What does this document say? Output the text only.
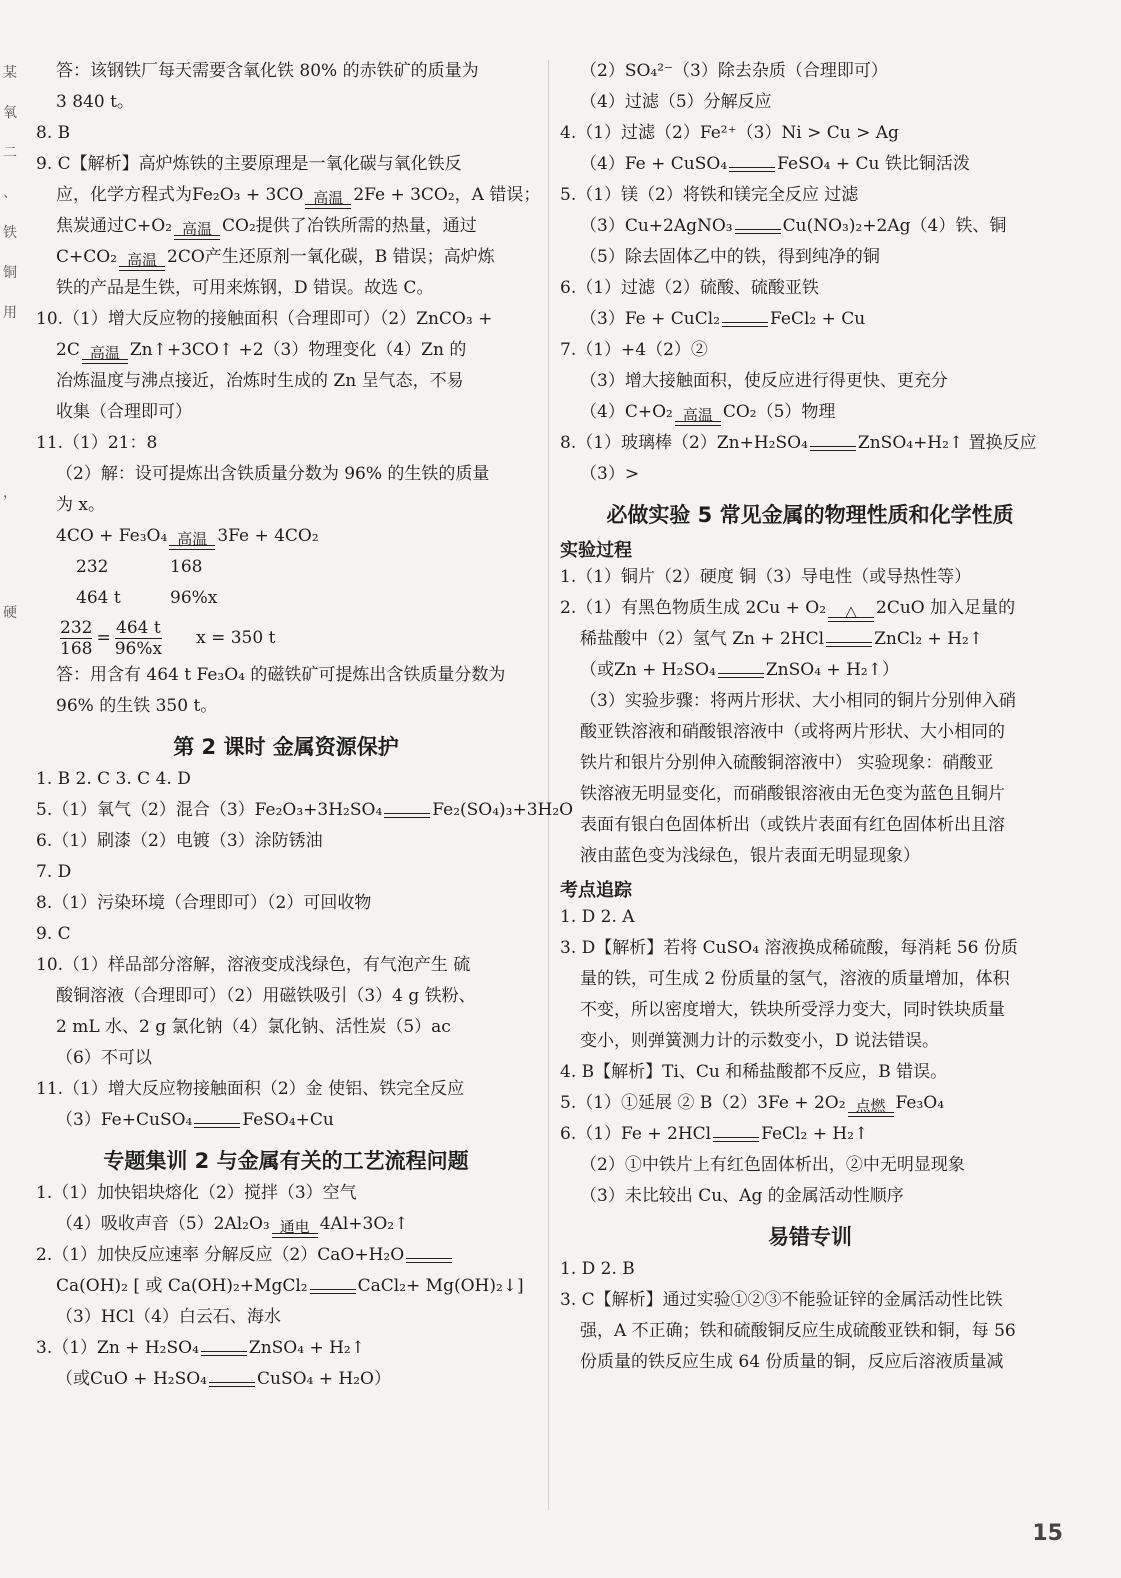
某
氧
二
、
铁
铜
用
，
硬
答：该钢铁厂每天需要含氧化铁 80% 的赤铁矿的质量为
3 840 t。
8. B
9. C【解析】高炉炼铁的主要原理是一氧化碳与氧化铁反
应，化学方程式为Fe₂O₃ + 3CO 高温 2Fe + 3CO₂，A 错误；
焦炭通过C+O₂ 高温 CO₂提供了冶铁所需的热量，通过
C+CO₂ 高温 2CO产生还原剂一氧化碳，B 错误；高炉炼
铁的产品是生铁，可用来炼钢，D 错误。故选 C。
10.（1）增大反应物的接触面积（合理即可）（2）ZnCO₃ +
2C 高温 Zn↑+3CO↑ +2（3）物理变化（4）Zn 的
冶炼温度与沸点接近，冶炼时生成的 Zn 呈气态，不易
收集（合理即可）
11.（1）21：8
（2）解：设可提炼出含铁质量分数为 96% 的生铁的质量
为 x。
4CO + Fe₃O₄ 高温 3Fe + 4CO₂
232	168
464 t	96%x
$\frac{232}{168} = \frac{464 t}{96\%x}$ x = 350 t
答：用含有 464 t Fe₃O₄ 的磁铁矿可提炼出含铁质量分数为
96% 的生铁 350 t。
第 2 课时 金属资源保护
1. B 2. C 3. C 4. D
5.（1）氧气（2）混合（3）Fe₂O₃+3H₂SO₄	Fe₂(SO₄)₃+3H₂O
6.（1）刷漆（2）电镀（3）涂防锈油
7. D
8.（1）污染环境（合理即可）（2）可回收物
9. C
10.（1）样品部分溶解，溶液变成浅绿色，有气泡产生 硫
酸铜溶液（合理即可）（2）用磁铁吸引（3）4 g 铁粉、
2 mL 水、2 g 氯化钠（4）氯化钠、活性炭（5）ac
（6）不可以
11.（1）增大反应物接触面积（2）金 使铝、铁完全反应
（3）Fe+CuSO₄	FeSO₄+Cu
专题集训 2 与金属有关的工艺流程问题
1.（1）加快铝块熔化（2）搅拌（3）空气
（4）吸收声音（5）2Al₂O₃ 通电 4Al+3O₂↑
2.（1）加快反应速率 分解反应（2）CaO+H₂O
Ca(OH)₂ [ 或 Ca(OH)₂+MgCl₂	CaCl₂+ Mg(OH)₂↓]
（3）HCl（4）白云石、海水
3.（1）Zn + H₂SO₄	ZnSO₄ + H₂↑
（或CuO + H₂SO₄	CuSO₄ + H₂O）
（2）SO₄²⁻（3）除去杂质（合理即可）
（4）过滤（5）分解反应
4.（1）过滤（2）Fe²⁺（3）Ni > Cu > Ag
（4）Fe + CuSO₄	FeSO₄ + Cu 铁比铜活泼
5.（1）镁（2）将铁和镁完全反应 过滤
（3）Cu+2AgNO₃	Cu(NO₃)₂+2Ag（4）铁、铜
（5）除去固体乙中的铁，得到纯净的铜
6.（1）过滤（2）硫酸、硫酸亚铁
（3）Fe + CuCl₂	FeCl₂ + Cu
7.（1）+4（2）②
（3）增大接触面积，使反应进行得更快、更充分
（4）C+O₂ 高温 CO₂（5）物理
8.（1）玻璃棒（2）Zn+H₂SO₄	ZnSO₄+H₂↑ 置换反应
（3）>
必做实验 5 常见金属的物理性质和化学性质
实验过程
1.（1）铜片（2）硬度 铜（3）导电性（或导热性等）
2.（1）有黑色物质生成 2Cu + O₂	△	2CuO 加入足量的
稀盐酸中（2）氢气 Zn + 2HCl	ZnCl₂ + H₂↑
（或Zn + H₂SO₄	ZnSO₄ + H₂↑）
（3）实验步骤：将两片形状、大小相同的铜片分别伸入硝
酸亚铁溶液和硝酸银溶液中（或将两片形状、大小相同的
铁片和银片分别伸入硫酸铜溶液中） 实验现象：硝酸亚
铁溶液无明显变化，而硝酸银溶液由无色变为蓝色且铜片
表面有银白色固体析出（或铁片表面有红色固体析出且溶
液由蓝色变为浅绿色，银片表面无明显现象）
考点追踪
1. D 2. A
3. D【解析】若将 CuSO₄ 溶液换成稀硫酸，每消耗 56 份质
量的铁，可生成 2 份质量的氢气，溶液的质量增加，体积
不变，所以密度增大，铁块所受浮力变大，同时铁块质量
变小，则弹簧测力计的示数变小，D 说法错误。
4. B【解析】Ti、Cu 和稀盐酸都不反应，B 错误。
5.（1）①延展 ② B（2）3Fe + 2O₂ 点燃 Fe₃O₄
6.（1）Fe + 2HCl	FeCl₂ + H₂↑
（2）①中铁片上有红色固体析出，②中无明显现象
（3）未比较出 Cu、Ag 的金属活动性顺序
易错专训
1. D 2. B
3. C【解析】通过实验①②③不能验证锌的金属活动性比铁
强，A 不正确；铁和硫酸铜反应生成硫酸亚铁和铜，每 56
份质量的铁反应生成 64 份质量的铜，反应后溶液质量减
15
